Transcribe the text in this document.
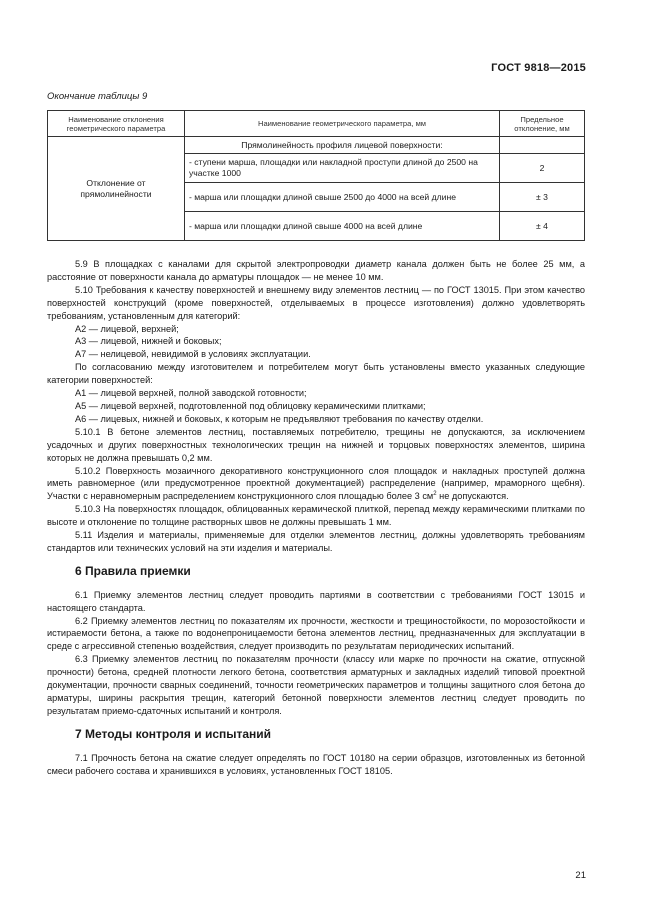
ГОСТ 9818—2015
Окончание таблицы 9
Наименование отклонения геометрического параметра	Наименование геометрического параметра, мм	Предельное отклонение, мм
Отклонение от прямолинейности	Прямолинейность профиля лицевой поверхности:	
	- ступени марша, площадки или накладной проступи длиной до 2500 на участке 1000	2
	- марша или площадки длиной свыше 2500 до 4000 на всей длине	± 3
	- марша или площадки длиной свыше 4000 на всей длине	± 4

5.9 В площадках с каналами для скрытой электропроводки диаметр канала должен быть не более 25 мм, а расстояние от поверхности канала до арматуры площадок — не менее 10 мм.

5.10 Требования к качеству поверхностей и внешнему виду элементов лестниц — по ГОСТ 13015. При этом качество поверхностей конструкций (кроме поверхностей, отделываемых в процессе изготовления) должно удовлетворять требованиям, установленным для категорий:

А2 — лицевой, верхней;

А3 — лицевой, нижней и боковых;

А7 — нелицевой, невидимой в условиях эксплуатации.

По согласованию между изготовителем и потребителем могут быть установлены вместо указанных следующие категории поверхностей:

А1 — лицевой верхней, полной заводской готовности;

А5 — лицевой верхней, подготовленной под облицовку керамическими плитками;

А6 — лицевых, нижней и боковых, к которым не предъявляют требования по качеству отделки.

5.10.1 В бетоне элементов лестниц, поставляемых потребителю, трещины не допускаются, за исключением усадочных и других поверхностных технологических трещин на нижней и торцовых поверхностях элементов, ширина которых не должна превышать 0,2 мм.

5.10.2 Поверхность мозаичного декоративного конструкционного слоя площадок и накладных проступей должна иметь равномерное (или предусмотренное проектной документацией) распределение (например, мраморного щебня). Участки с неравномерным распределением конструкционного слоя площадью более 3 $см^2$ не допускаются.

5.10.3 На поверхностях площадок, облицованных керамической плиткой, перепад между керамическими плитками по высоте и отклонение по толщине растворных швов не должны превышать 1 мм.

5.11 Изделия и материалы, применяемые для отделки элементов лестниц, должны удовлетворять требованиям стандартов или технических условий на эти изделия и материалы.

6 Правила приемки

6.1 Приемку элементов лестниц следует проводить партиями в соответствии с требованиями ГОСТ 13015 и настоящего стандарта.

6.2 Приемку элементов лестниц по показателям их прочности, жесткости и трещиностойкости, по морозостойкости и истираемости бетона, а также по водонепроницаемости бетона элементов лестниц, предназначенных для эксплуатации в среде с агрессивной степенью воздействия, следует производить по результатам периодических испытаний.

6.3 Приемку элементов лестниц по показателям прочности (классу или марке по прочности на сжатие, отпускной прочности) бетона, средней плотности легкого бетона, соответствия арматурных и закладных изделий типовой проектной документации, прочности сварных соединений, точности геометрических параметров и толщины защитного слоя бетона до арматуры, ширины раскрытия трещин, категорий бетонной поверхности элементов лестниц следует проводить по результатам приемо-сдаточных испытаний и контроля.

7 Методы контроля и испытаний

7.1 Прочность бетона на сжатие следует определять по ГОСТ 10180 на серии образцов, изготовленных из бетонной смеси рабочего состава и хранившихся в условиях, установленных ГОСТ 18105.

21
